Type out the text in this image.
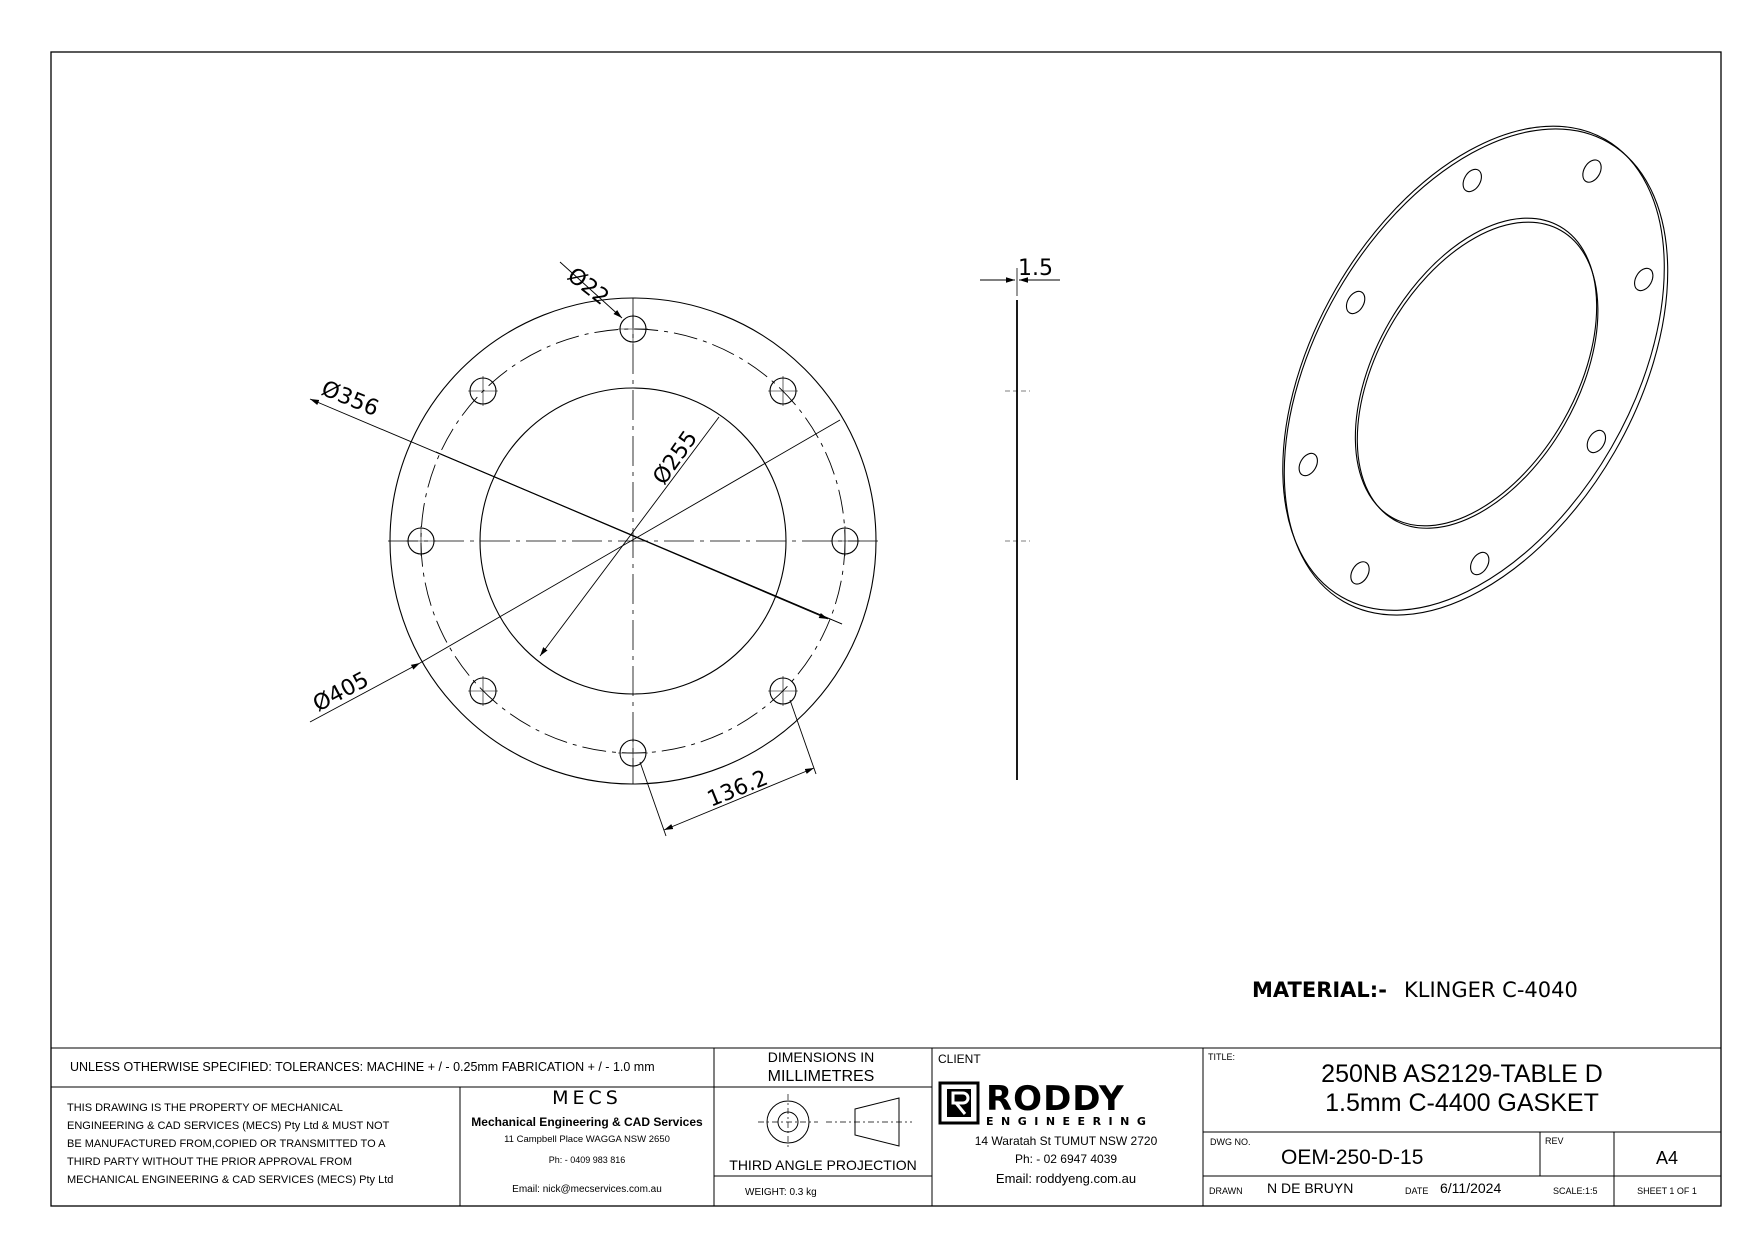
Ø22
Ø356
Ø255
Ø405
136.2
1.5
MATERIAL:- KLINGER C-4040
UNLESS OTHERWISE SPECIFIED: TOLERANCES: MACHINE + / - 0.25mm FABRICATION + / - 1.0 mm
DIMENSIONS IN
MILLIMETRES
THIS DRAWING IS THE PROPERTY OF MECHANICAL
ENGINEERING & CAD SERVICES (MECS) Pty Ltd & MUST NOT
BE MANUFACTURED FROM,COPIED OR TRANSMITTED TO A
THIRD PARTY WITHOUT THE PRIOR APPROVAL FROM
MECHANICAL ENGINEERING & CAD SERVICES (MECS) Pty Ltd
MECS
Mechanical Engineering & CAD Services
11 Campbell Place WAGGA NSW 2650
Ph: - 0409 983 816
Email: nick@mecservices.com.au
THIRD ANGLE PROJECTION
WEIGHT: 0.3 kg
CLIENT
RODDY
ENGINEERING
14 Waratah St TUMUT NSW 2720
Ph: - 02 6947 4039
Email: roddyeng.com.au
TITLE:
250NB AS2129-TABLE D
1.5mm C-4400 GASKET
DWG NO.
OEM-250-D-15
REV
A4
DRAWN N DE BRUYN	DATE 6/11/2024	SCALE:1:5	SHEET 1 OF 1
